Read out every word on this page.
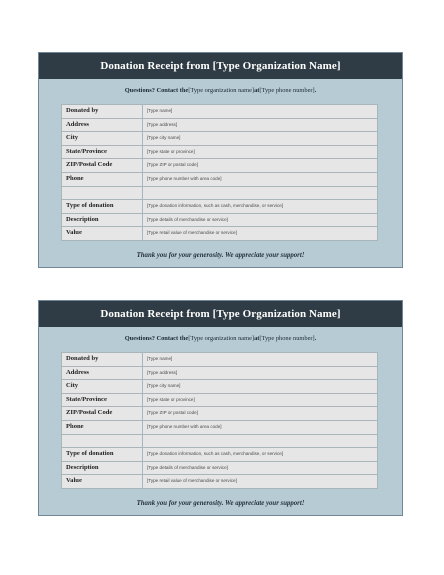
Donation Receipt from [Type Organization Name]
Questions? Contact the [Type organization name] at [Type phone number] .
Donated by	[Type name]
Address	[Type address]
City	[Type city name]
State/Province	[Type state or province]
ZIP/Postal Code	[Type ZIP or postal code]
Phone	[Type phone number with area code]

Type of donation	[Type donation information, such as cash, merchandise, or service]
Description	[Type details of merchandise or service]
Value	[Type retail value of merchandise or service]
Thank you for your generosity. We appreciate your support!
Donation Receipt from [Type Organization Name]
Questions? Contact the [Type organization name] at [Type phone number] .
Donated by	[Type name]
Address	[Type address]
City	[Type city name]
State/Province	[Type state or province]
ZIP/Postal Code	[Type ZIP or postal code]
Phone	[Type phone number with area code]

Type of donation	[Type donation information, such as cash, merchandise, or service]
Description	[Type details of merchandise or service]
Value	[Type retail value of merchandise or service]
Thank you for your generosity. We appreciate your support!
